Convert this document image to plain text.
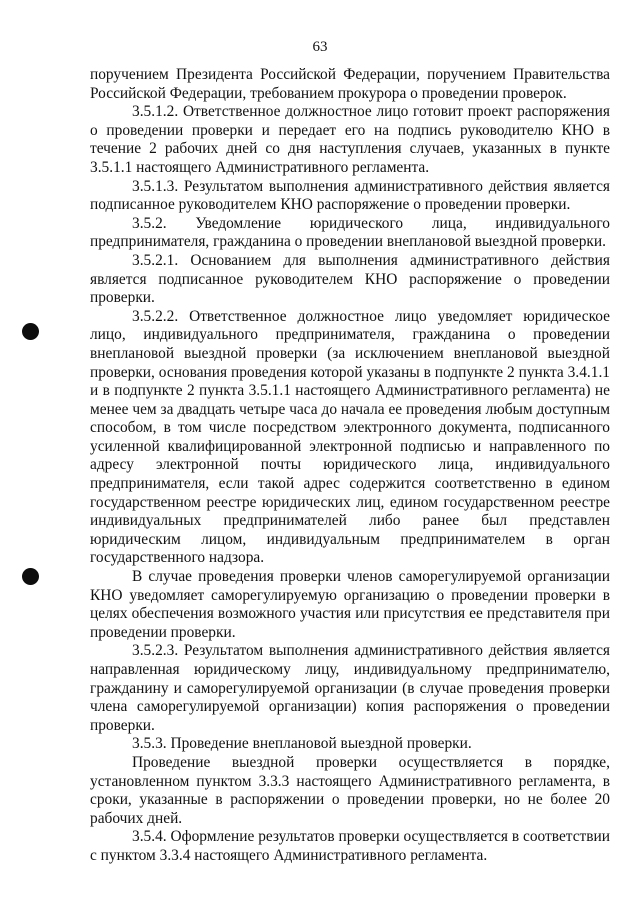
63

поручением Президента Российской Федерации, поручением Правительства Российской Федерации, требованием прокурора о проведении проверок.

3.5.1.2. Ответственное должностное лицо готовит проект распоряжения о проведении проверки и передает его на подпись руководителю КНО в течение 2 рабочих дней со дня наступления случаев, указанных в пункте 3.5.1.1 настоящего Административного регламента.

3.5.1.3. Результатом выполнения административного действия является подписанное руководителем КНО распоряжение о проведении проверки.

3.5.2. Уведомление юридического лица, индивидуального предпринимателя, гражданина о проведении внеплановой выездной проверки.

3.5.2.1. Основанием для выполнения административного действия является подписанное руководителем КНО распоряжение о проведении проверки.

3.5.2.2. Ответственное должностное лицо уведомляет юридическое лицо, индивидуального предпринимателя, гражданина о проведении внеплановой выездной проверки (за исключением внеплановой выездной проверки, основания проведения которой указаны в подпункте 2 пункта 3.4.1.1 и в подпункте 2 пункта 3.5.1.1 настоящего Административного регламента) не менее чем за двадцать четыре часа до начала ее проведения любым доступным способом, в том числе посредством электронного документа, подписанного усиленной квалифицированной электронной подписью и направленного по адресу электронной почты юридического лица, индивидуального предпринимателя, если такой адрес содержится соответственно в едином государственном реестре юридических лиц, едином государственном реестре индивидуальных предпринимателей либо ранее был представлен юридическим лицом, индивидуальным предпринимателем в орган государственного надзора.

В случае проведения проверки членов саморегулируемой организации КНО уведомляет саморегулируемую организацию о проведении проверки в целях обеспечения возможного участия или присутствия ее представителя при проведении проверки.

3.5.2.3. Результатом выполнения административного действия является направленная юридическому лицу, индивидуальному предпринимателю, гражданину и саморегулируемой организации (в случае проведения проверки члена саморегулируемой организации) копия распоряжения о проведении проверки.

3.5.3. Проведение внеплановой выездной проверки.

Проведение выездной проверки осуществляется в порядке, установленном пунктом 3.3.3 настоящего Административного регламента, в сроки, указанные в распоряжении о проведении проверки, но не более 20 рабочих дней.

3.5.4. Оформление результатов проверки осуществляется в соответствии с пунктом 3.3.4 настоящего Административного регламента.
